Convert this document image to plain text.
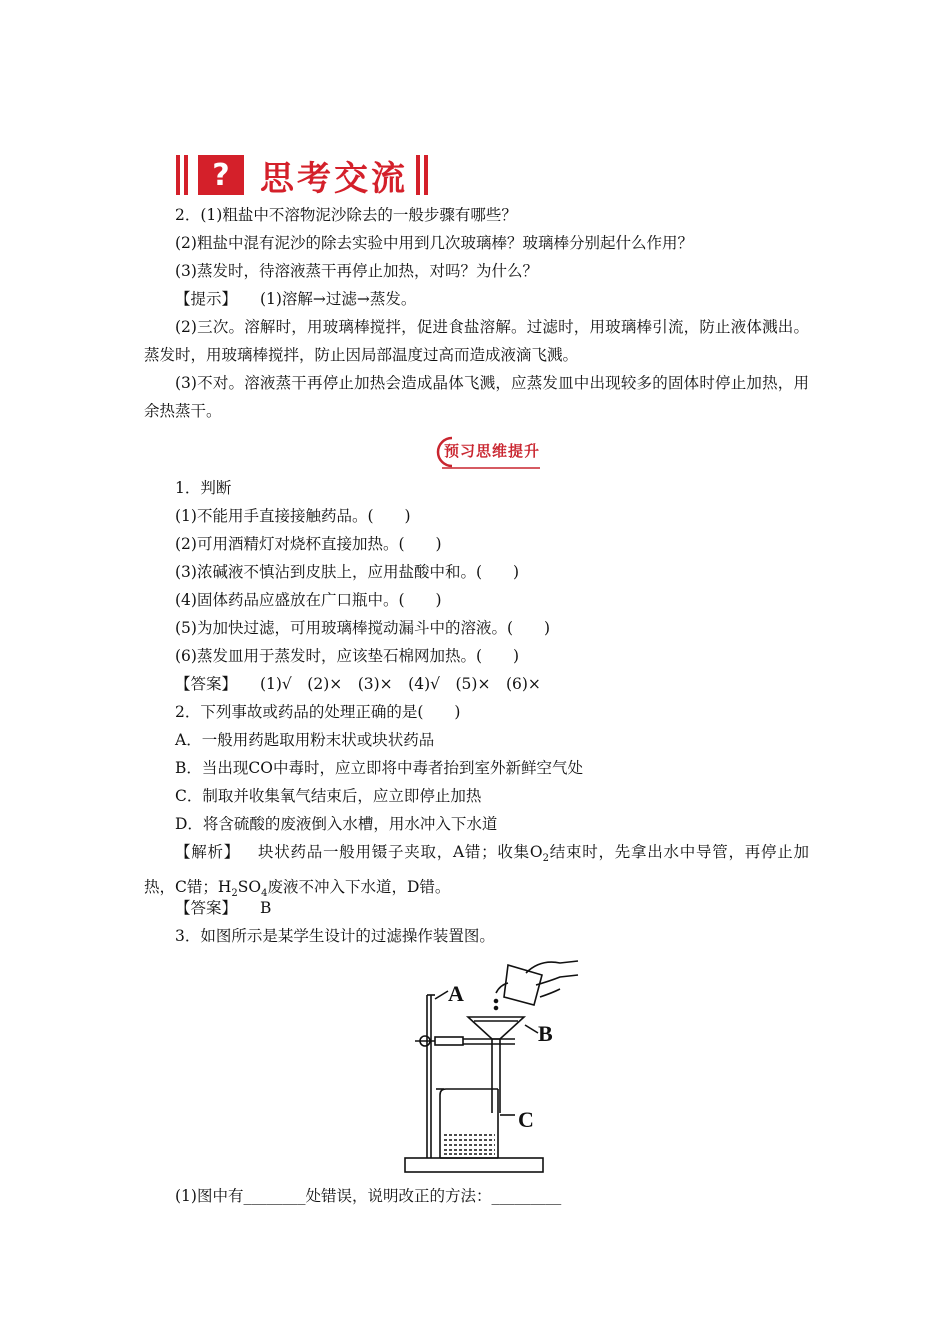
? 思考交流
2．(1)粗盐中不溶物泥沙除去的一般步骤有哪些？
(2)粗盐中混有泥沙的除去实验中用到几次玻璃棒？玻璃棒分别起什么作用？
(3)蒸发时，待溶液蒸干再停止加热，对吗？为什么？
【提示】 (1)溶解→过滤→蒸发。
(2)三次。溶解时，用玻璃棒搅拌，促进食盐溶解。过滤时，用玻璃棒引流，防止液体溅出。蒸发时，用玻璃棒搅拌，防止因局部温度过高而造成液滴飞溅。
(3)不对。溶液蒸干再停止加热会造成晶体飞溅，应蒸发皿中出现较多的固体时停止加热，用余热蒸干。
预习思维提升
1．判断
(1)不能用手直接接触药品。(　　)
(2)可用酒精灯对烧杯直接加热。(　　)
(3)浓碱液不慎沾到皮肤上，应用盐酸中和。(　　)
(4)固体药品应盛放在广口瓶中。(　　)
(5)为加快过滤，可用玻璃棒搅动漏斗中的溶液。(　　)
(6)蒸发皿用于蒸发时，应该垫石棉网加热。(　　)
【答案】 (1)√　(2)×　(3)×　(4)√　(5)×　(6)×
2．下列事故或药品的处理正确的是(　　)
A．一般用药匙取用粉末状或块状药品
B．当出现CO中毒时，应立即将中毒者抬到室外新鲜空气处
C．制取并收集氧气结束后，应立即停止加热
D．将含硫酸的废液倒入水槽，用水冲入下水道
【解析】 块状药品一般用镊子夹取，A错；收集$O_2$结束时，先拿出水中导管，再停止加热，C错；$H_2SO_4$废液不冲入下水道，D错。
【答案】 B
3．如图所示是某学生设计的过滤操作装置图。
A
B
C
(1)图中有________处错误，说明改正的方法：_________
